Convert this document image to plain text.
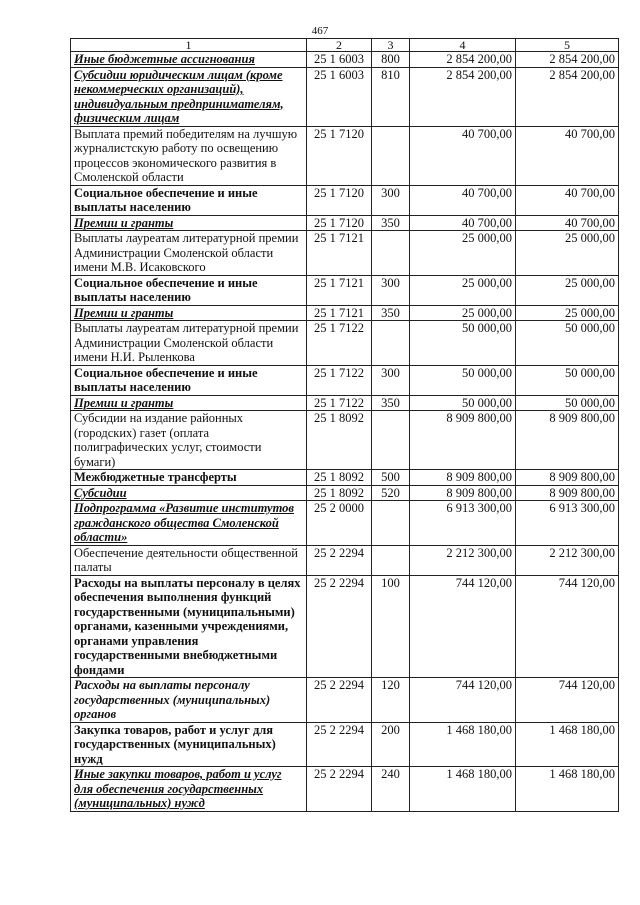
467
1	2	3	4	5
Иные бюджетные ассигнования	25 1 6003	800	2 854 200,00	2 854 200,00
Субсидии юридическим лицам (кроме некоммерческих организаций), индивидуальным предпринимателям, физическим лицам	25 1 6003	810	2 854 200,00	2 854 200,00
Выплата премий победителям на лучшую журналистскую работу по освещению процессов экономического развития в Смоленской области	25 1 7120		40 700,00	40 700,00
Социальное обеспечение и иные выплаты населению	25 1 7120	300	40 700,00	40 700,00
Премии и гранты	25 1 7120	350	40 700,00	40 700,00
Выплаты лауреатам литературной премии Администрации Смоленской области имени М.В. Исаковского	25 1 7121		25 000,00	25 000,00
Социальное обеспечение и иные выплаты населению	25 1 7121	300	25 000,00	25 000,00
Премии и гранты	25 1 7121	350	25 000,00	25 000,00
Выплаты лауреатам литературной премии Администрации Смоленской области имени Н.И. Рыленкова	25 1 7122		50 000,00	50 000,00
Социальное обеспечение и иные выплаты населению	25 1 7122	300	50 000,00	50 000,00
Премии и гранты	25 1 7122	350	50 000,00	50 000,00
Субсидии на издание районных (городских) газет (оплата полиграфических услуг, стоимости бумаги)	25 1 8092		8 909 800,00	8 909 800,00
Межбюджетные трансферты	25 1 8092	500	8 909 800,00	8 909 800,00
Субсидии	25 1 8092	520	8 909 800,00	8 909 800,00
Подпрограмма «Развитие институтов гражданского общества Смоленской области»	25 2 0000		6 913 300,00	6 913 300,00
Обеспечение деятельности общественной палаты	25 2 2294		2 212 300,00	2 212 300,00
Расходы на выплаты персоналу в целях обеспечения выполнения функций государственными (муниципальными) органами, казенными учреждениями, органами управления государственными внебюджетными фондами	25 2 2294	100	744 120,00	744 120,00
Расходы на выплаты персоналу государственных (муниципальных) органов	25 2 2294	120	744 120,00	744 120,00
Закупка товаров, работ и услуг для государственных (муниципальных) нужд	25 2 2294	200	1 468 180,00	1 468 180,00
Иные закупки товаров, работ и услуг для обеспечения государственных (муниципальных) нужд	25 2 2294	240	1 468 180,00	1 468 180,00
